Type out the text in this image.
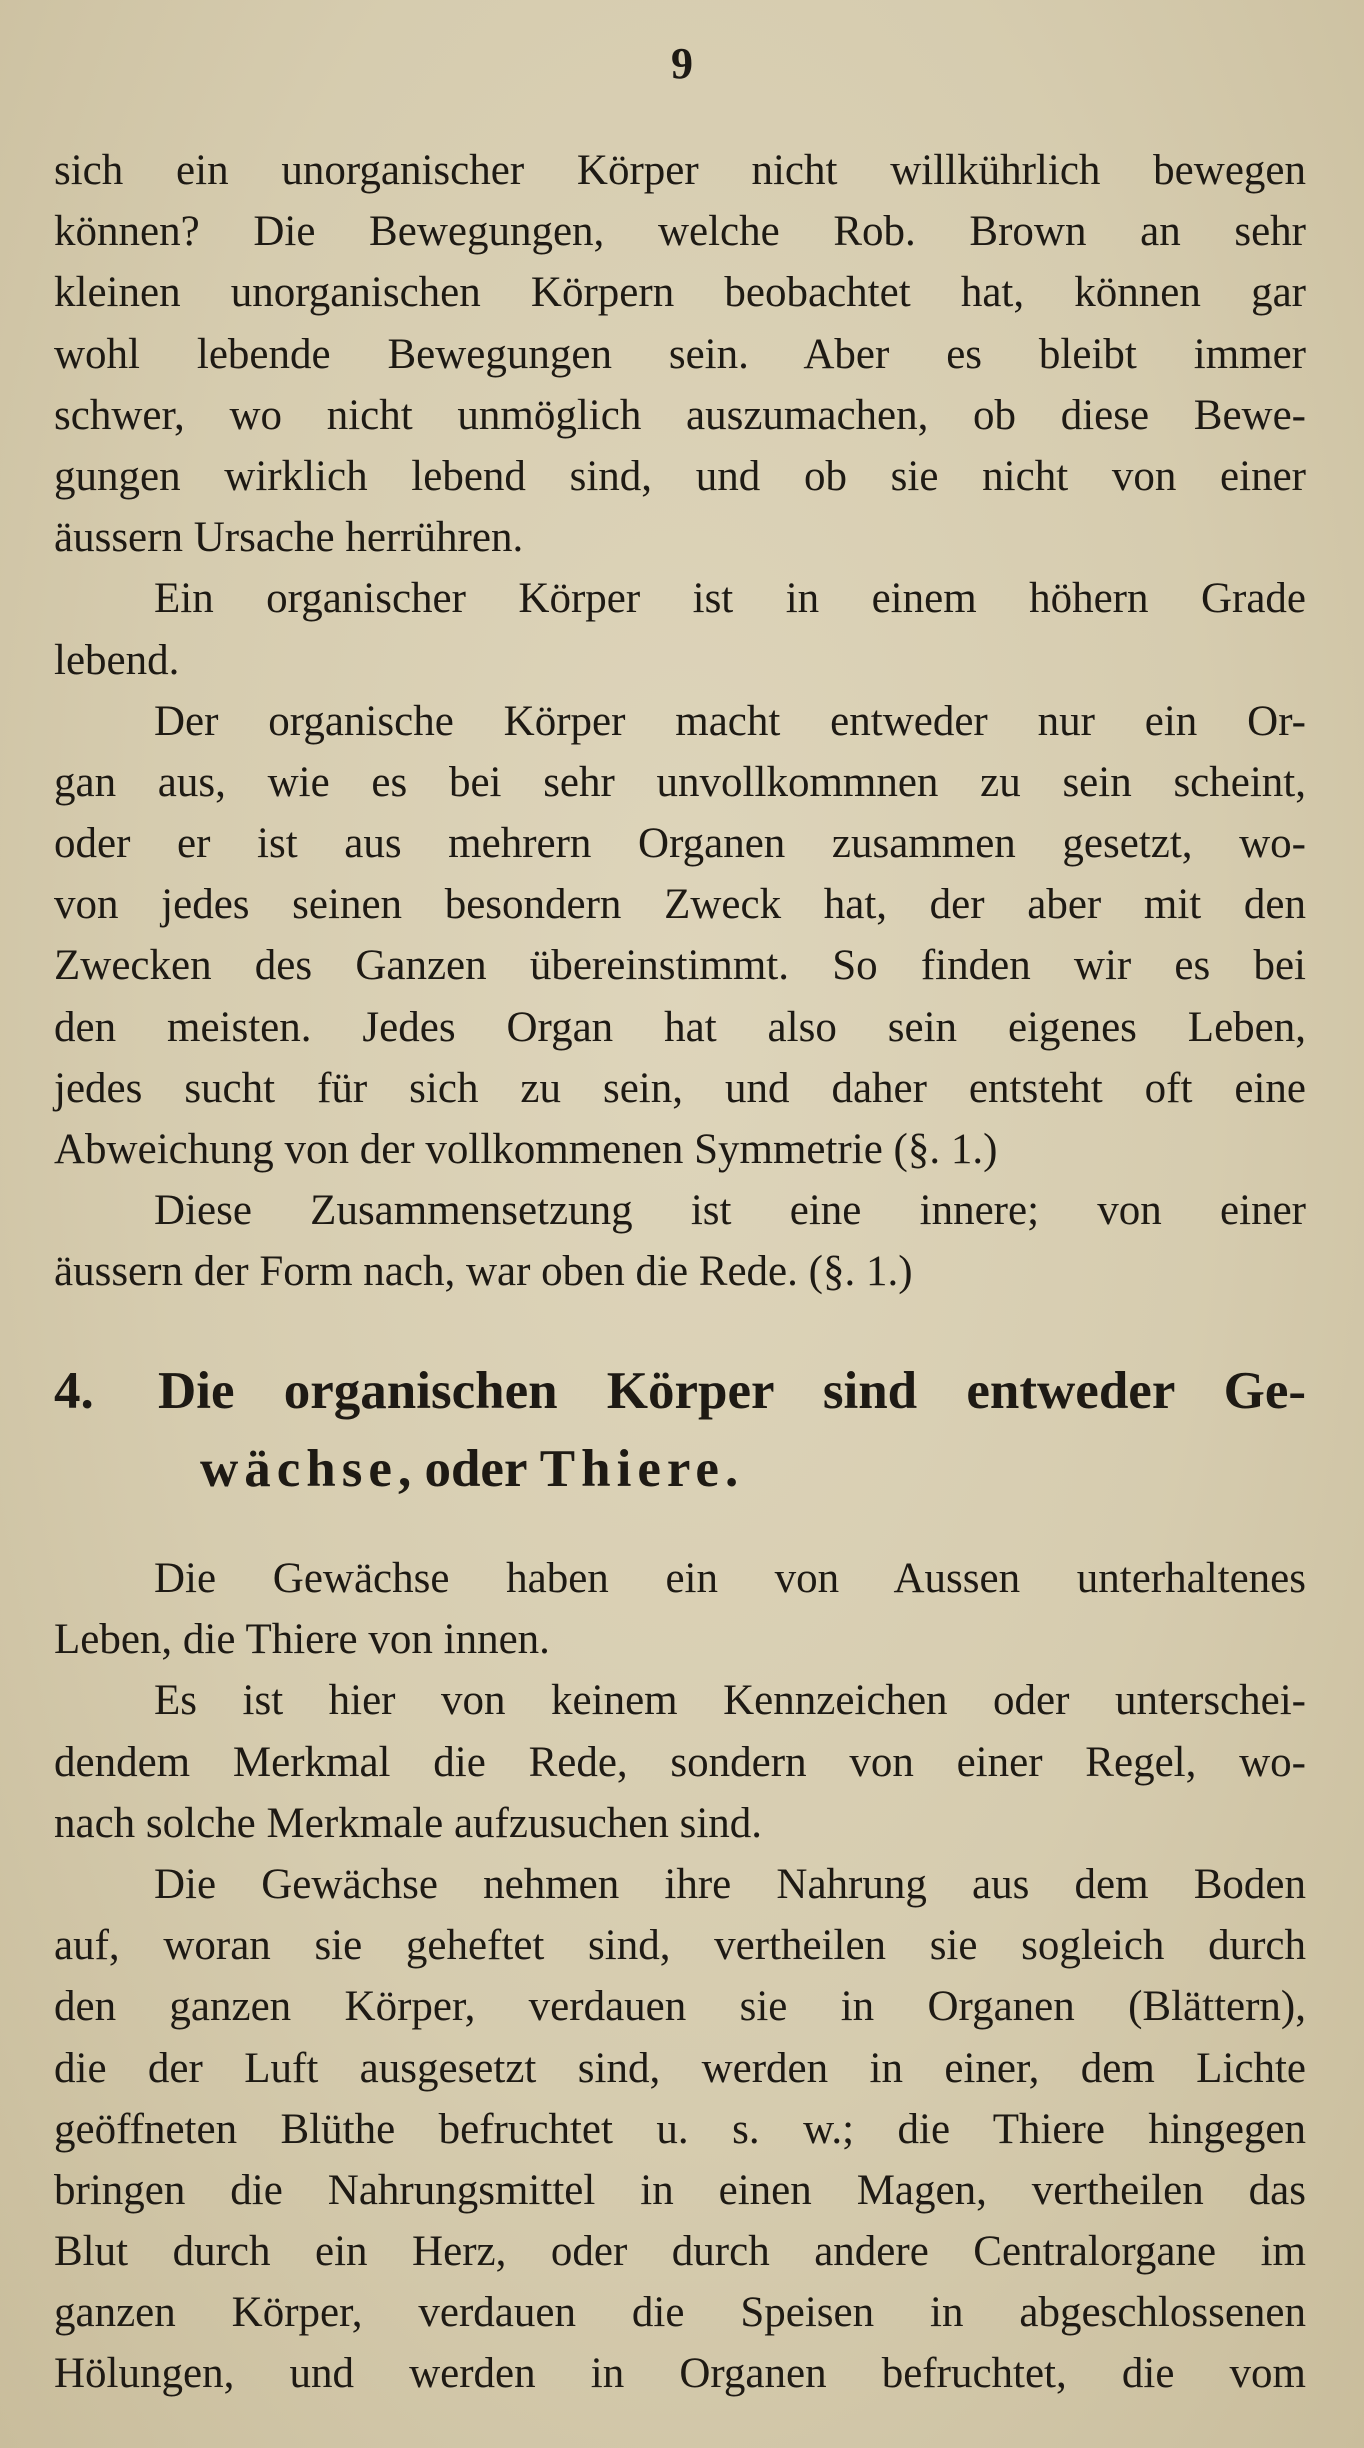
9
sich ein unorganischer Körper nicht willkührlich bewegen
können? Die Bewegungen, welche Rob. Brown an sehr
kleinen unorganischen Körpern beobachtet hat, können gar
wohl lebende Bewegungen sein. Aber es bleibt immer
schwer, wo nicht unmöglich auszumachen, ob diese Bewe-
gungen wirklich lebend sind, und ob sie nicht von einer
äussern Ursache herrühren.
Ein organischer Körper ist in einem höhern Grade
lebend.
Der organische Körper macht entweder nur ein Or-
gan aus, wie es bei sehr unvollkommnen zu sein scheint,
oder er ist aus mehrern Organen zusammen gesetzt, wo-
von jedes seinen besondern Zweck hat, der aber mit den
Zwecken des Ganzen übereinstimmt. So finden wir es bei
den meisten. Jedes Organ hat also sein eigenes Leben,
jedes sucht für sich zu sein, und daher entsteht oft eine
Abweichung von der vollkommenen Symmetrie (§. 1.)
Diese Zusammensetzung ist eine innere; von einer
äussern der Form nach, war oben die Rede. (§. 1.)
4. Die organischen Körper sind entweder Ge-
wächse, oder Thiere.
Die Gewächse haben ein von Aussen unterhaltenes
Leben, die Thiere von innen.
Es ist hier von keinem Kennzeichen oder unterschei-
dendem Merkmal die Rede, sondern von einer Regel, wo-
nach solche Merkmale aufzusuchen sind.
Die Gewächse nehmen ihre Nahrung aus dem Boden
auf, woran sie geheftet sind, vertheilen sie sogleich durch
den ganzen Körper, verdauen sie in Organen (Blättern),
die der Luft ausgesetzt sind, werden in einer, dem Lichte
geöffneten Blüthe befruchtet u. s. w.; die Thiere hingegen
bringen die Nahrungsmittel in einen Magen, vertheilen das
Blut durch ein Herz, oder durch andere Centralorgane im
ganzen Körper, verdauen die Speisen in abgeschlossenen
Hölungen, und werden in Organen befruchtet, die vom
